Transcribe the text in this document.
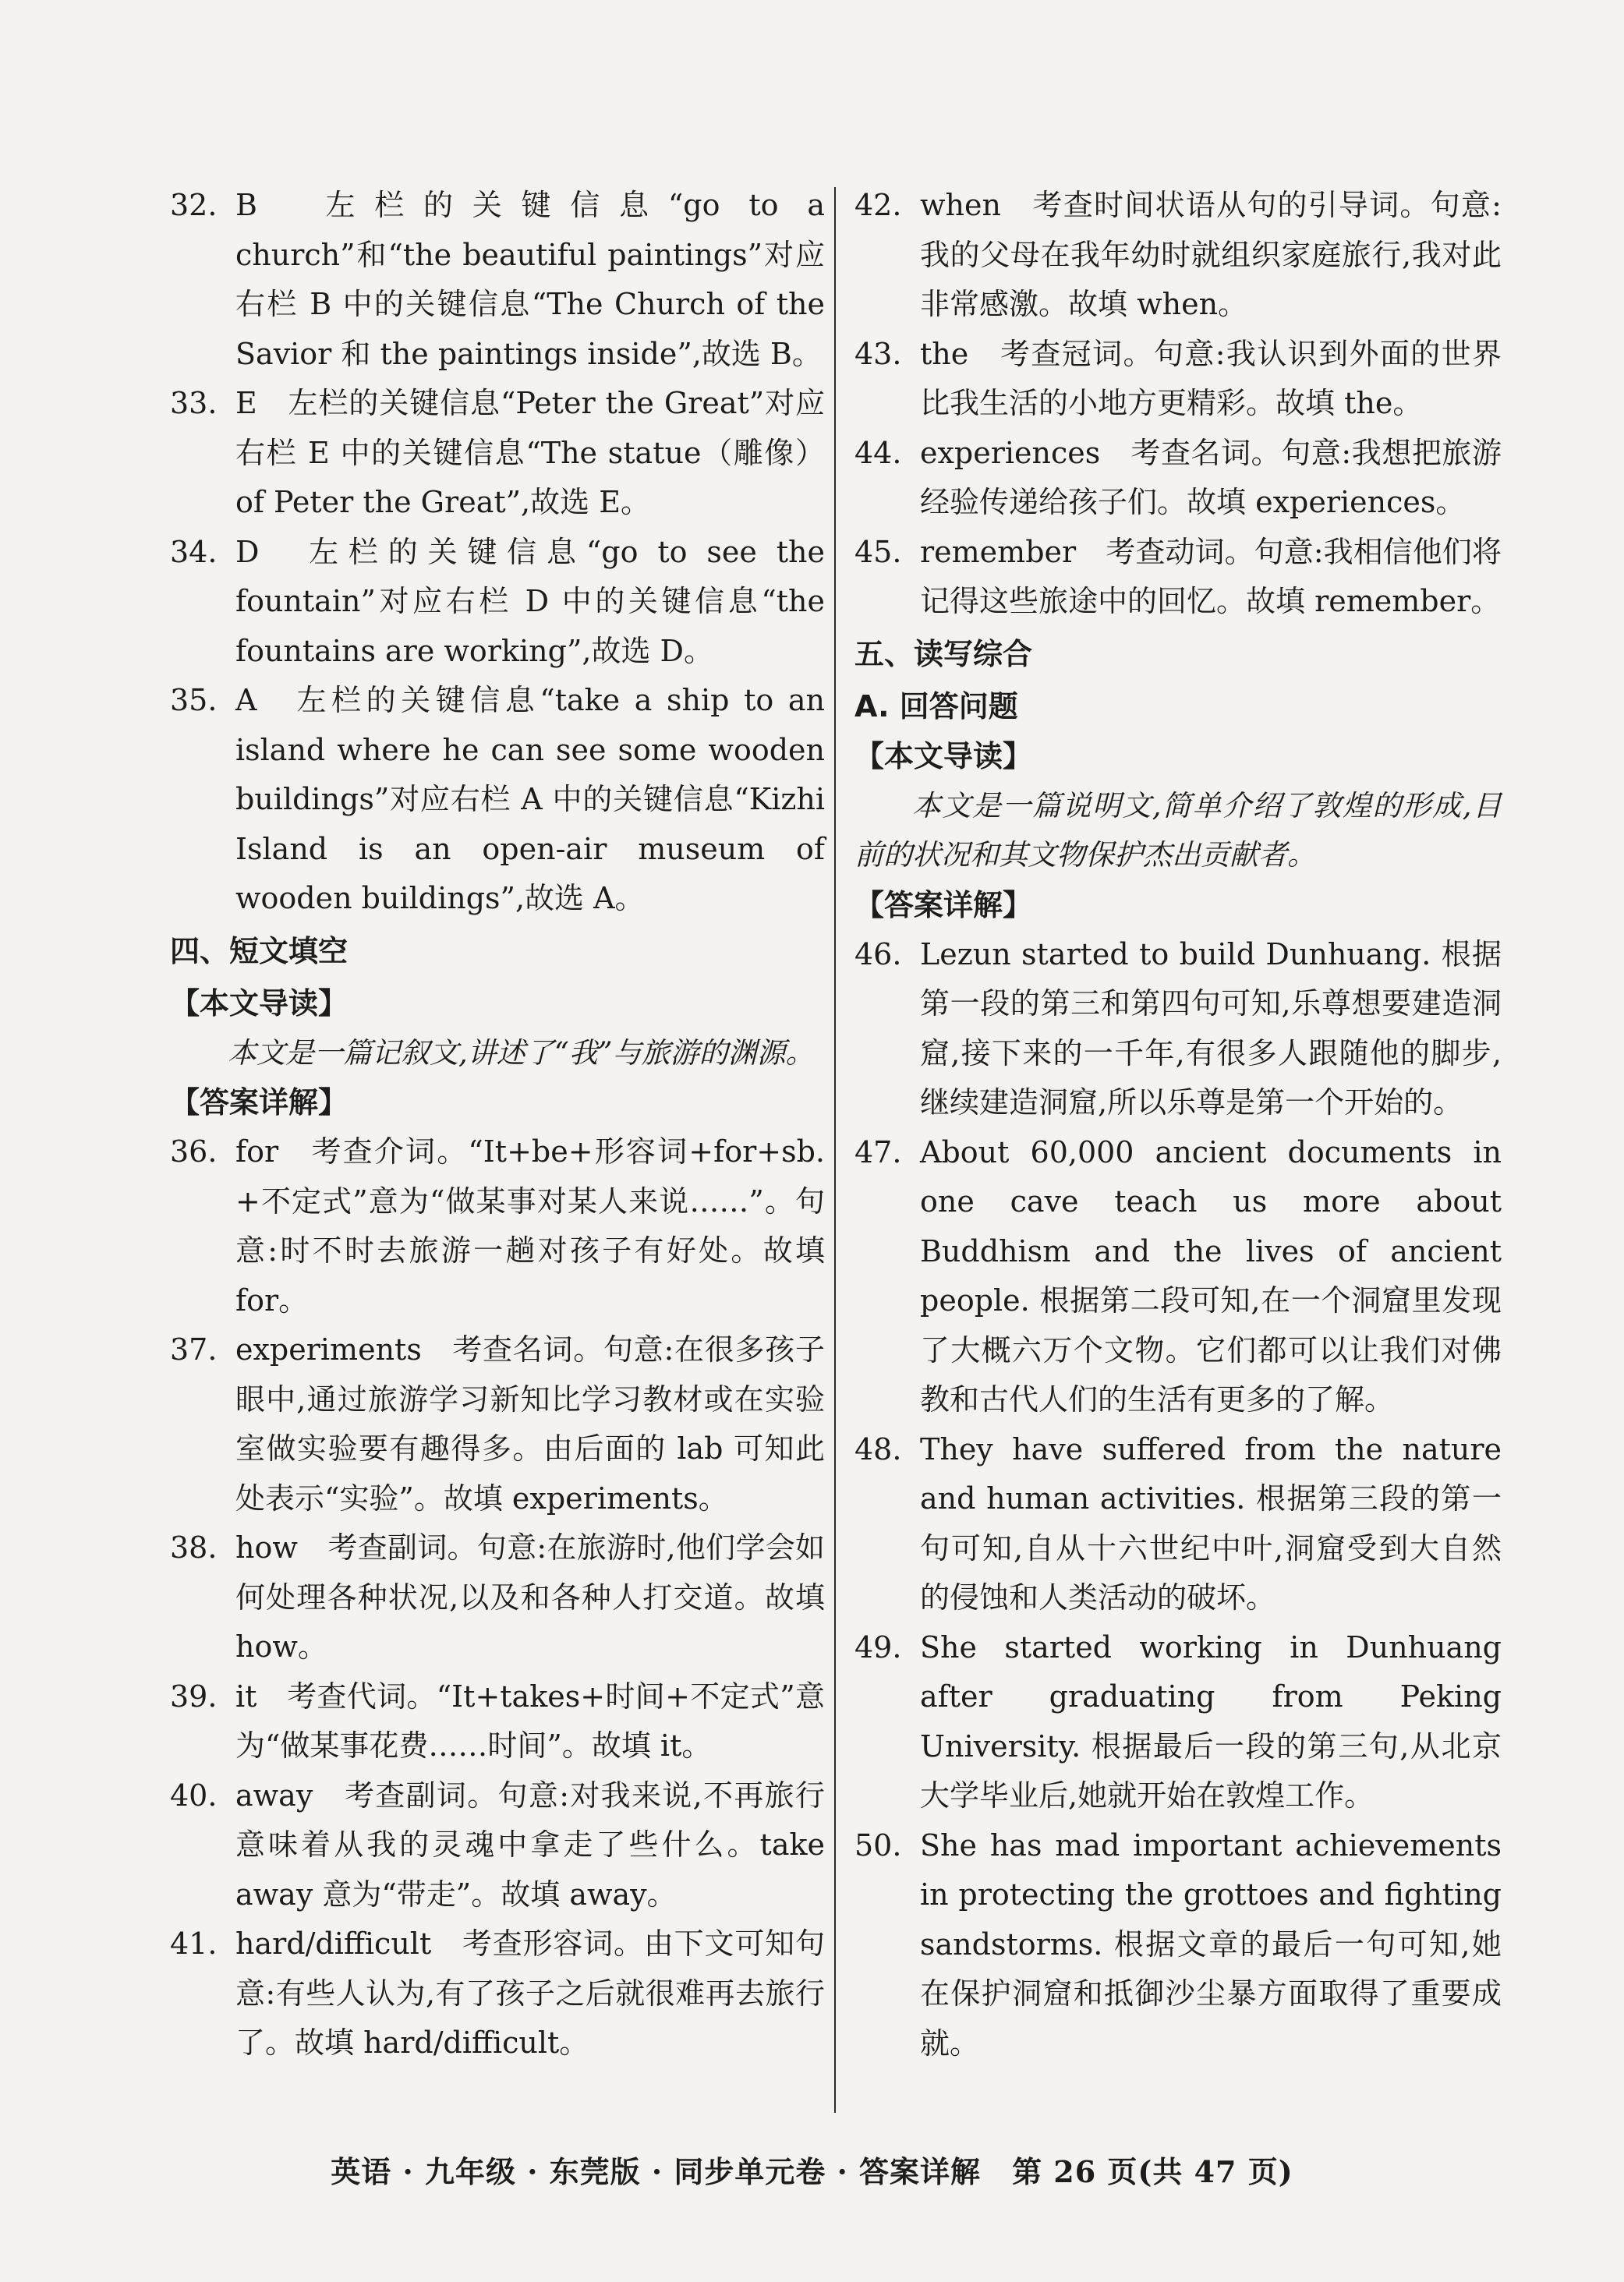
32. B　左栏的关键信息“go to a church”和“the beautiful paintings”对应右栏 B 中的关键信息“The Church of the Savior 和 the paintings inside”,故选 B。
33. E　左栏的关键信息“Peter the Great”对应右栏 E 中的关键信息“The statue（雕像）of Peter the Great”,故选 E。
34. D　左栏的关键信息“go to see the fountain”对应右栏 D 中的关键信息“the fountains are working”,故选 D。
35. A　左栏的关键信息“take a ship to an island where he can see some wooden buildings”对应右栏 A 中的关键信息“Kizhi Island is an open-air museum of wooden buildings”,故选 A。
四、短文填空
【本文导读】
本文是一篇记叙文,讲述了“我”与旅游的渊源。
【答案详解】
36. for　考查介词。“It+be+形容词+for+sb. +不定式”意为“做某事对某人来说……”。句意:时不时去旅游一趟对孩子有好处。故填 for。
37. experiments　考查名词。句意:在很多孩子眼中,通过旅游学习新知比学习教材或在实验室做实验要有趣得多。由后面的 lab 可知此处表示“实验”。故填 experiments。
38. how　考查副词。句意:在旅游时,他们学会如何处理各种状况,以及和各种人打交道。故填 how。
39. it　考查代词。“It+takes+时间+不定式”意为“做某事花费……时间”。故填 it。
40. away　考查副词。句意:对我来说,不再旅行意味着从我的灵魂中拿走了些什么。take away 意为“带走”。故填 away。
41. hard/difficult　考查形容词。由下文可知句意:有些人认为,有了孩子之后就很难再去旅行了。故填 hard/difficult。
42. when　考查时间状语从句的引导词。句意:我的父母在我年幼时就组织家庭旅行,我对此非常感激。故填 when。
43. the　考查冠词。句意:我认识到外面的世界比我生活的小地方更精彩。故填 the。
44. experiences　考查名词。句意:我想把旅游经验传递给孩子们。故填 experiences。
45. remember　考查动词。句意:我相信他们将记得这些旅途中的回忆。故填 remember。
五、读写综合
A. 回答问题
【本文导读】
本文是一篇说明文,简单介绍了敦煌的形成,目前的状况和其文物保护杰出贡献者。
【答案详解】
46. Lezun started to build Dunhuang. 根据第一段的第三和第四句可知,乐尊想要建造洞窟,接下来的一千年,有很多人跟随他的脚步,继续建造洞窟,所以乐尊是第一个开始的。
47. About 60,000 ancient documents in one cave teach us more about Buddhism and the lives of ancient people. 根据第二段可知,在一个洞窟里发现了大概六万个文物。它们都可以让我们对佛教和古代人们的生活有更多的了解。
48. They have suffered from the nature and human activities. 根据第三段的第一句可知,自从十六世纪中叶,洞窟受到大自然的侵蚀和人类活动的破坏。
49. She started working in Dunhuang after graduating from Peking University. 根据最后一段的第三句,从北京大学毕业后,她就开始在敦煌工作。
50. She has mad important achievements in protecting the grottoes and fighting sandstorms. 根据文章的最后一句可知,她在保护洞窟和抵御沙尘暴方面取得了重要成就。
英语 · 九年级 · 东莞版 · 同步单元卷 · 答案详解 第 26 页(共 47 页)
